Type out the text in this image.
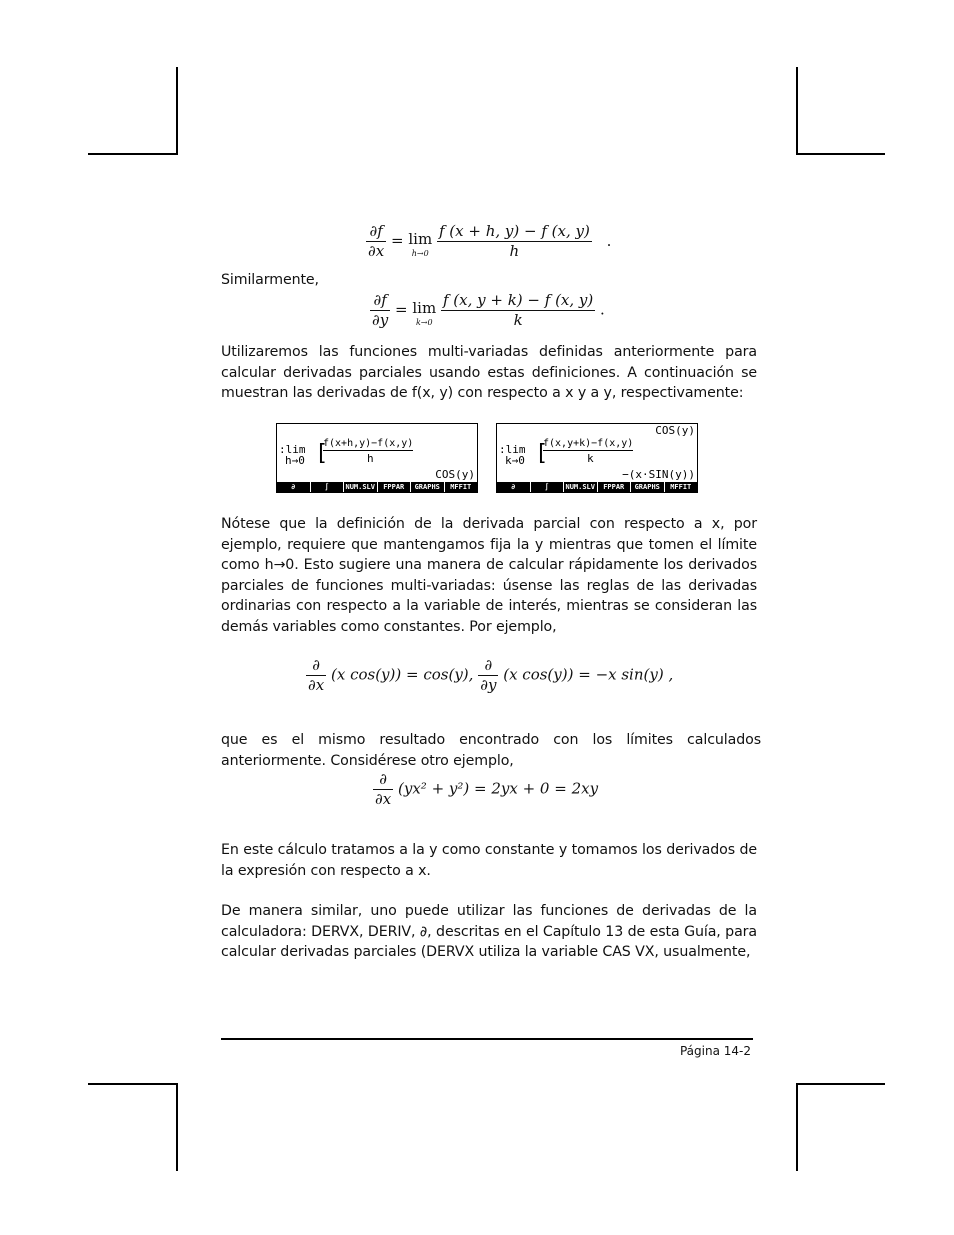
$\frac{\partial f}{\partial x} = \lim$
h→0
$\frac{f (x + h, y) - f (x, y)}{h}$ .
Similarmente,
$\frac{\partial f}{\partial y} = \lim$
k→0
$\frac{f (x, y + k) - f (x, y)}{k}$ .
Utilizaremos las funciones multi-variadas definidas anteriormente para calcular derivadas parciales usando estas definiciones. A continuación se muestran las derivadas de f(x, y) con respecto a x y a y, respectivamente:
:lim
h→0 [
f(x+h,y)−f(x,y)
h
COS(y)
∂	∫	NUM.SLV	FPPAR	GRAPHS	MFFIT
COS(y)
:lim
k→0 [
f(x,y+k)−f(x,y)
k
−(x·SIN(y))
∂	∫	NUM.SLV	FPPAR	GRAPHS	MFFIT
Nótese que la definición de la derivada parcial con respecto a x, por ejemplo, requiere que mantengamos fija la y mientras que tomen el límite como h→0. Esto sugiere una manera de calcular rápidamente los derivados parciales de funciones multi-variadas: úsense las reglas de las derivadas ordinarias con respecto a la variable de interés, mientras se consideran las demás variables como constantes. Por ejemplo,
$\frac{\partial}{\partial x} (x$ cos(y)) = cos(y), $\frac{\partial}{\partial y} (x$ cos(y)) = −x sin(y) ,
que es el mismo resultado encontrado con los límites calculados anteriormente. Considérese otro ejemplo,
$\frac{\partial}{\partial x} (yx^2 + y^2) = 2yx + 0 = 2xy$
En este cálculo tratamos a la y como constante y tomamos los derivados de la expresión con respecto a x.
De manera similar, uno puede utilizar las funciones de derivadas de la calculadora: DERVX, DERIV, ∂, descritas en el Capítulo 13 de esta Guía, para calcular derivadas parciales (DERVX utiliza la variable CAS VX, usualmente,
Página 14-2
